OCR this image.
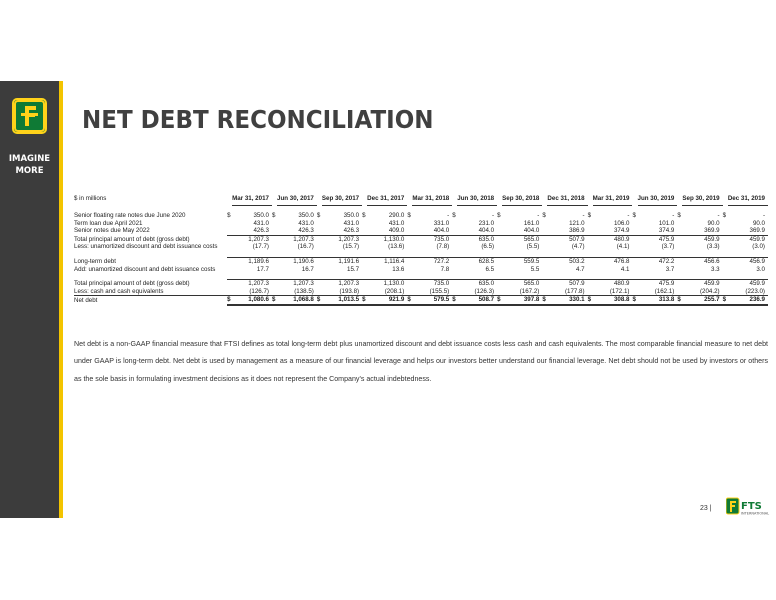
IMAGINE
MORE
NET DEBT RECONCILIATION
$ in millions		Mar 31, 2017		Jun 30, 2017		Sep 30, 2017		Dec 31, 2017		Mar 31, 2018		Jun 30, 2018		Sep 30, 2018		Dec 31, 2018		Mar 31, 2019		Jun 30, 2019		Sep 30, 2019		Dec 31, 2019

Senior floating rate notes due June 2020	$	350.0	$	350.0	$	350.0	$	290.0	$	-	$	-	$	-	$	-	$	-	$	-	$	-	$	-
Term loan due April 2021		431.0		431.0		431.0		431.0		331.0		231.0		161.0		121.0		106.0		101.0		90.0		90.0
Senior notes due May 2022		426.3		426.3		426.3		409.0		404.0		404.0		404.0		386.9		374.9		374.9		369.9		369.9
Total principal amount of debt (gross debt)		1,207.3		1,207.3		1,207.3		1,130.0		735.0		635.0		565.0		507.9		480.9		475.9		459.9		459.9
Less: unamortized discount and debt issuance costs		(17.7)		(16.7)		(15.7)		(13.6)		(7.8)		(6.5)		(5.5)		(4.7)		(4.1)		(3.7)		(3.3)		(3.0)

Long-term debt		1,189.6		1,190.6		1,191.6		1,116.4		727.2		628.5		559.5		503.2		476.8		472.2		456.6		456.9
Add: unamortized discount and debt issuance costs		17.7		16.7		15.7		13.6		7.8		6.5		5.5		4.7		4.1		3.7		3.3		3.0

Total principal amount of debt (gross debt)		1,207.3		1,207.3		1,207.3		1,130.0		735.0		635.0		565.0		507.9		480.9		475.9		459.9		459.9
Less: cash and cash equivalents		(126.7)		(138.5)		(193.8)		(208.1)		(155.5)		(126.3)		(167.2)		(177.8)		(172.1)		(162.1)		(204.2)		(223.0)
Net debt	$	1,080.6	$	1,068.8	$	1,013.5	$	921.9	$	579.5	$	508.7	$	397.8	$	330.1	$	308.8	$	313.8	$	255.7	$	236.9
Net debt is a non-GAAP financial measure that FTSI defines as total long-term debt plus unamortized discount and debt issuance costs less cash and cash equivalents. The most comparable financial measure to net debt under GAAP is long-term debt. Net debt is used by management as a measure of our financial leverage and helps our investors better understand our financial leverage. Net debt should not be used by investors or others as the sole basis in formulating investment decisions as it does not represent the Company's actual indebtedness.
23 |	FTS
INTERNATIONAL
